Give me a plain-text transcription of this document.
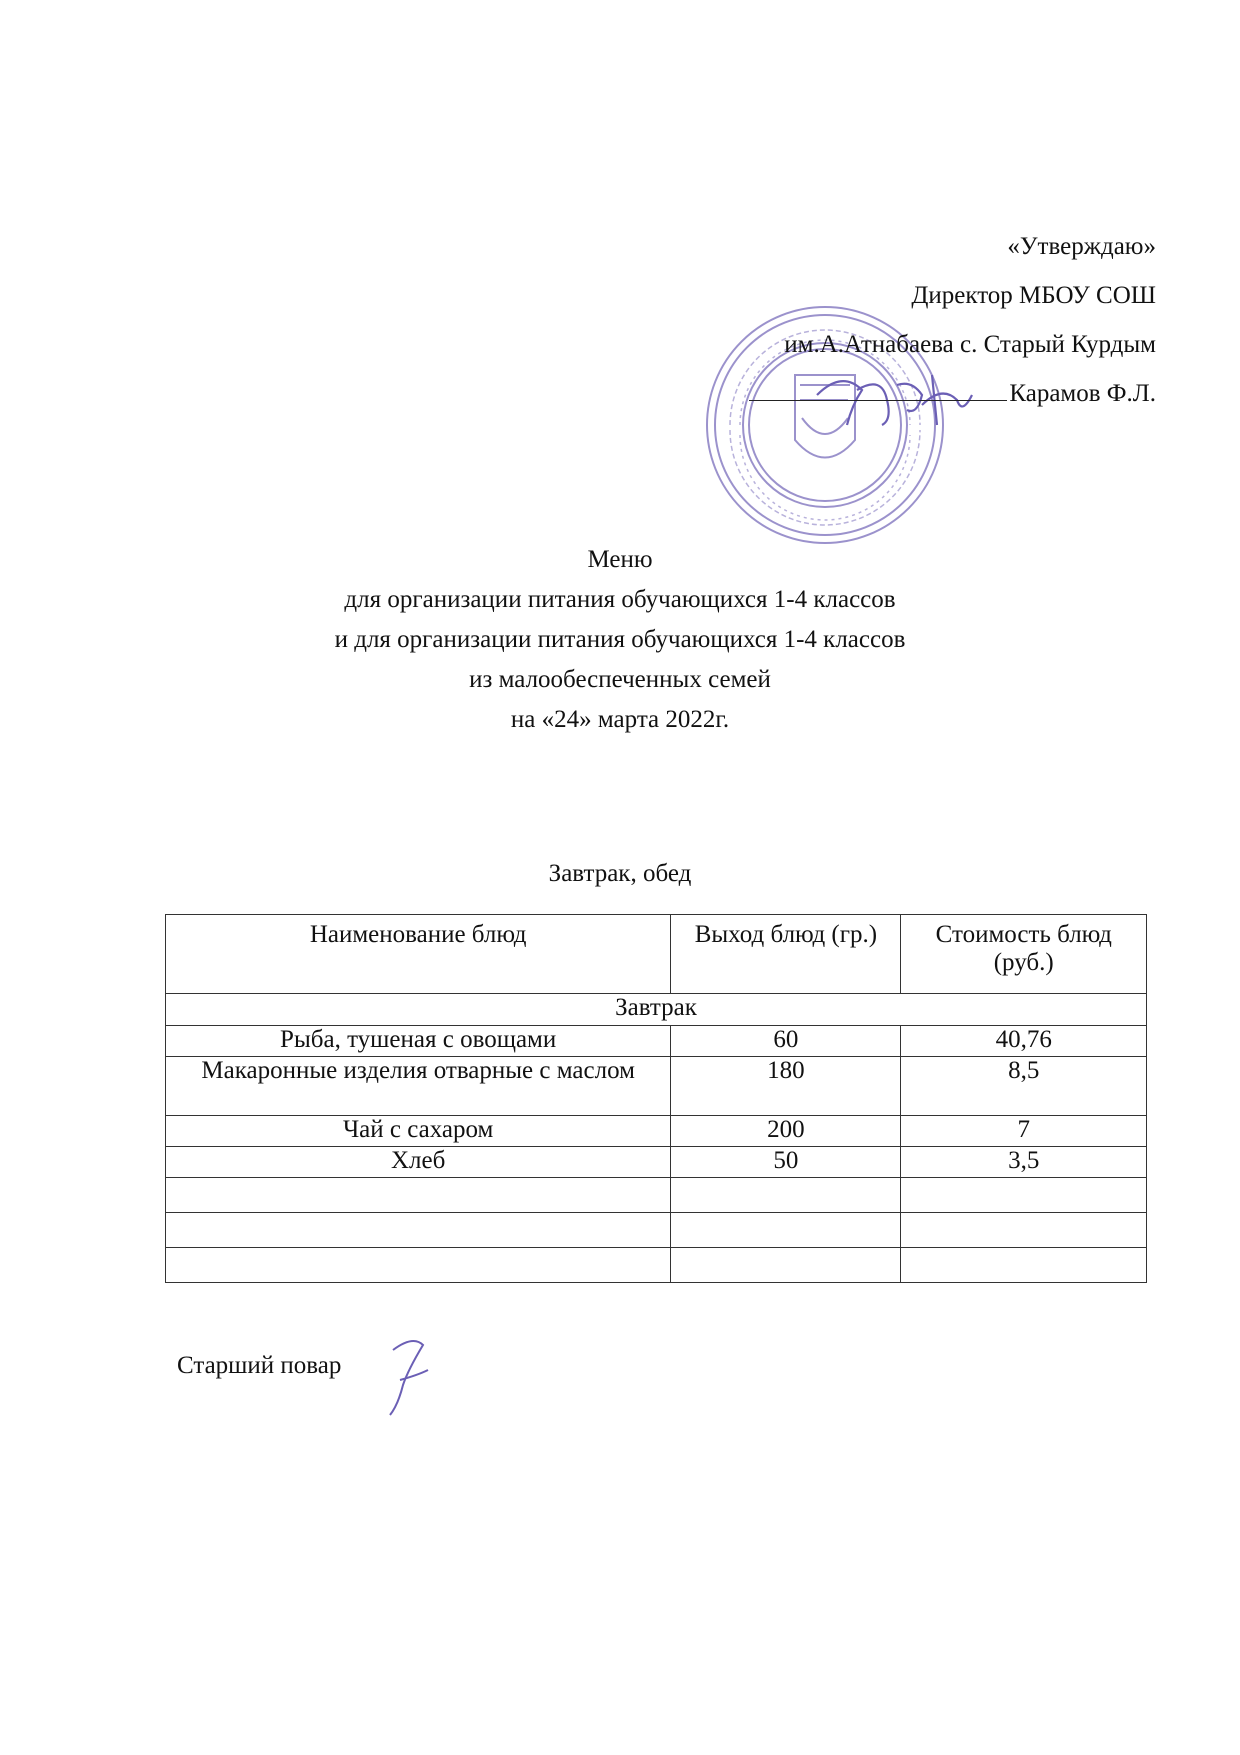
«Утверждаю»
Директор МБОУ СОШ
им.А.Атнабаева с. Старый Курдым
Карамов Ф.Л.
Меню
для организации питания обучающихся 1-4 классов
и для организации питания обучающихся 1-4 классов
из малообеспеченных семей
на «24» марта 2022г.
Завтрак, обед
Наименование блюд	Выход блюд (гр.)	Стоимость блюд (руб.)
Завтрак		
Рыба, тушеная с овощами	60	40,76
Макаронные изделия отварные с маслом	180	8,5
Чай с сахаром	200	7
Хлеб	50	3,5

Старший повар
